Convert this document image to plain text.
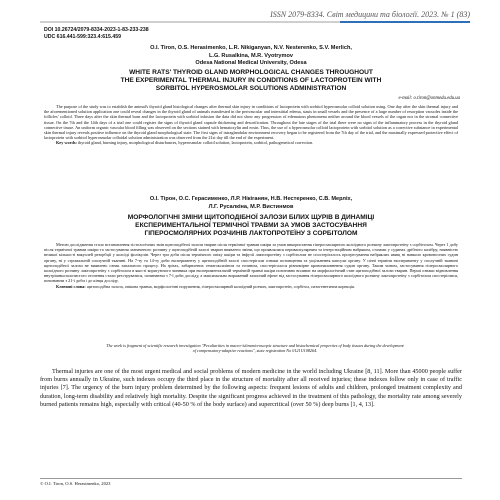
ISSN 2079-8334. Світ медицини та біології. 2023. № 1 (83)
DOI 10.26724/2079-8334-2023-1-83-233-238
UDC 616.441-599:323.4:615.459
O.I. Tiron, O.S. Herasimenko, L.R. Nikiganyan, N.V. Nesterenko, S.V. Merlich,
L.G. Rusalkina, M.R. Vyotrymov
Odesa National Medical University, Odesa
WHITE RATS' THYROID GLAND MORPHOLOGICAL CHANGES THROUGHOUT
THE EXPERIMENTAL THERMAL INJURY IN CONDITIONS OF LACTOPROTEIN WITH
SORBITOL HYPEROSMOLAR SOLUTIONS ADMINISTRATION
e-mail: o.tiron@onmedu.edu.ua

The purpose of the study was to establish the animal's thyroid gland histological changes after thermal skin injury in conditions of lactoprotein with sorbitol hyperosmolar colloid solution using. One day after the skin thermal injury and the aforementioned solution application one could reveal changes in the thyroid gland of animals manifested in the perivascular and interstitial edema, stasis in small vessels and the presence of a large number of resorption vacuoles inside the follicles' colloid. Three days after the skin thermal burn and the lactoprotein with sorbitol infusion the data did not show any progression of edematous phenomena neither around the blood vessels of the organ nor in the stromal connective tissue. On the 7th and the 14th days of a trial one could register the signs of thyroid gland capsule thickening and desorification. Throughout the late stages of the trial there were no signs of the inflammatory process in the thyroid gland connective tissue. An uniform organic vascular blood filling was observed on the sections stained with hematoxylin and eosin. Thus, the use of a hyperosmolar colloid lactoprotein with sorbitol solution as a corrective substance in experimental skin thermal injury reveals positive influence on the thyroid gland morphological state. The first signs of intraglandular environment recovery began to be registered from the 7th day of the trial, and the maximally expressed protective effect of lactoprotein with sorbitol hyperosmolar colloidal solution administration was observed from the 21st day till the end of the experiment.

Key words: thyroid gland, burning injury, morphological disturbances, hyperosmolar colloid solution, lactoprotein, sorbitol, pathogenetical correction.

О.І. Тірон, О.С. Герасименко, Л.Р. Нікіганян, Н.В. Нестеренко, С.В. Мерліх,
Л.Г. Русалкіна, М.Р. Вистинмов
МОРФОЛОГІЧНІ ЗМІНИ ЩИТОПОДІБНОЇ ЗАЛОЗИ БІЛИХ ЩУРІВ В ДИНАМІЦІ
ЕКСПЕРИМЕНТАЛЬНОЇ ТЕРМІЧНОЇ ТРАВМИ ЗА УМОВ ЗАСТОСУВАННЯ
ГІПЕРОСМОЛЯРНИХ РОЗЧИНІВ ЛАКТОПРОТЕЇНУ З СОРБІТОЛОМ

Метою дослідження стало встановлення гістологічних змін щитоподібної залози тварин після термічної травми шкіри за умов використання гіперосмолярного колоїдного розчину лактопротеїну з сорбітолом. Через 1 добу після термічної травми шкіри та застосування зазначеного розчину у щитоподібній залозі тварин виявлено зміни, що проявлялися периваскулярним та інтерстиційним набряком, стазами у судинах дрібного калібру, наявністю великої кількості вакуолей резорбції у колоїді фолікулів. Через три доби після термічного опіку шкіри та інфузії лактопротеїну з сорбітолом не спостерігалось прогресування набряклих явищ ні навколо кровоносних судин органу, ні у стромальній сполучній тканині. На 7-ту та 14-ту доби експерименту у щитоподібній залозі спостерігали ознаки потовщення та ущільнення капсули органу. У пізні терміни експерименту у сполучній тканині щитоподібної залози не виявлено ознак запального процесу. На зрізах, забарвлених гематоксиліном та еозином, спостерігалося рівномірне кровонаповнення судин органу. Таким чином, застосування гіперосмолярного колоїдного розчину лактопротеїну з сорбітолом в якості коригуючого чинника при експериментальній термічній травмі шкіри позитивно впливає на морфологічний стан щитоподібної залози тварин. Перші ознаки відновлення внутрішньозалозистого оточення стали реєструватися, починаючи з 7-ї доби досліду, а максимально виражений захисний ефект від застосування гіперосмолярного колоїдного розчину лактопротеїну з сорбітолом спостерігався, починаючи з 21-ї доби і до кінця досліду.

Ключові слова: щитоподібна залоза, опікова травма, морфологічні порушення, гіперосмолярний колоїдний розчин, лактопротеїн, сорбітол, патогенетична корекція.

The work is fragment of scientific research investigation "Peculiarities in macro-/ultramicroscopic structure and histochemical properties of body tissues during the development of compensatory-adaptive reactions", state registration No 0121U108264.

Thermal injuries are one of the most urgent medical and social problems of modern medicine in the world including Ukraine [8, 11]. More than 45000 people suffer from burns annually in Ukraine, such indexes occupy the third place in the structure of mortality after all received injuries; these indexes follow only in case of traffic injuries [7]. The urgency of the burn injury problem determined by the following aspects: frequent lesions of adults and children, prolonged treatment complexity and duration, long-term disability and relatively high mortality. Despite the significant progress achieved in the treatment of this pathology, the mortality rate among severely burned patients remains high, especially with critical (40-50 % of the body surface) and supercritical (over 50 %) deep burns [1, 4, 13].

© O.I. Tiron, O.S. Herasimenko, 2023
